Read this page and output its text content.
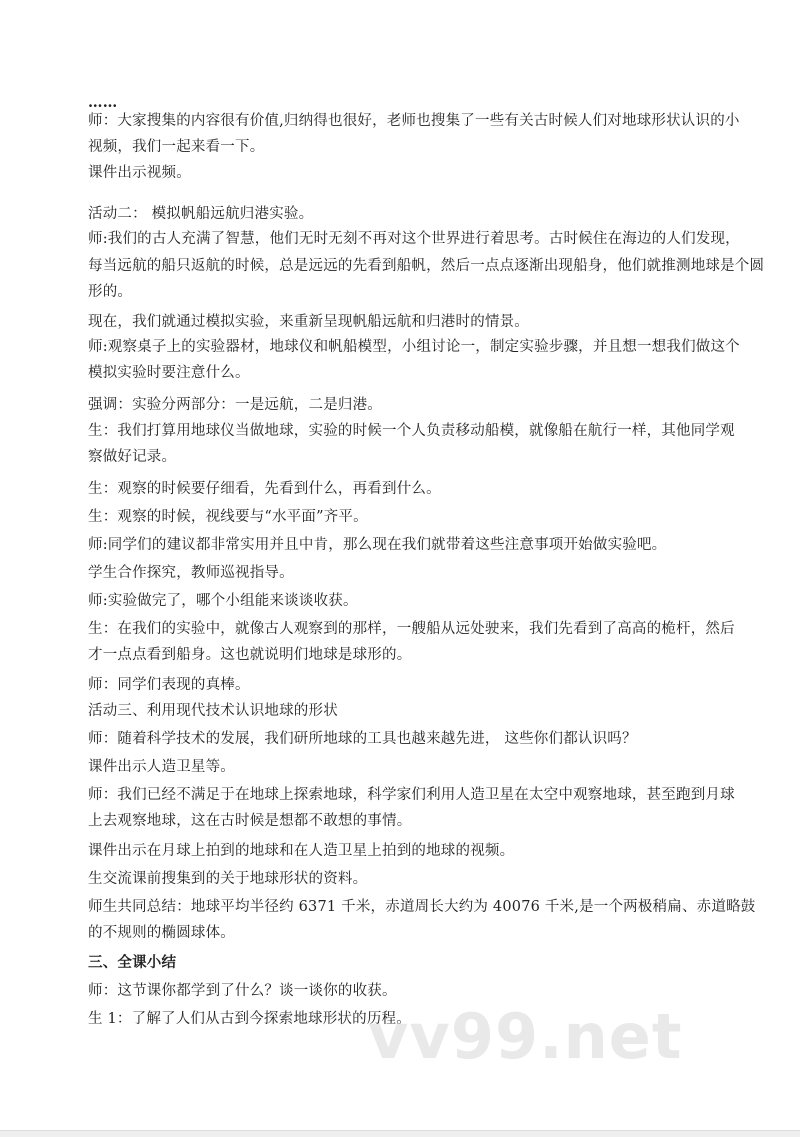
……
师：大家搜集的内容很有价值,归纳得也很好，老师也搜集了一些有关古时候人们对地球形状认识的小
视频，我们一起来看一下。
课件出示视频。
活动二： 模拟帆船远航归港实验。
师:我们的古人充满了智慧，他们无时无刻不再对这个世界进行着思考。古时候住在海边的人们发现，
每当远航的船只返航的时候，总是远远的先看到船帆，然后一点点逐渐出现船身，他们就推测地球是个圆
形的。
现在，我们就通过模拟实验，来重新呈现帆船远航和归港时的情景。
师:观察桌子上的实验器材，地球仪和帆船模型，小组讨论一，制定实验步骤，并且想一想我们做这个
模拟实验时要注意什么。
强调：实验分两部分：一是远航，二是归港。
生：我们打算用地球仪当做地球，实验的时候一个人负责移动船模，就像船在航行一样，其他同学观
察做好记录。
生：观察的时候要仔细看，先看到什么，再看到什么。
生：观察的时候，视线要与“水平面”齐平。
师:同学们的建议都非常实用并且中肯，那么现在我们就带着这些注意事项开始做实验吧。
学生合作探究，教师巡视指导。
师:实验做完了，哪个小组能来谈谈收获。
生：在我们的实验中，就像古人观察到的那样，一艘船从远处驶来，我们先看到了高高的桅杆，然后
才一点点看到船身。这也就说明们地球是球形的。
师：同学们表现的真棒。
活动三、利用现代技术认识地球的形状
师：随着科学技术的发展，我们研所地球的工具也越来越先进， 这些你们都认识吗？
课件出示人造卫星等。
师：我们已经不满足于在地球上探索地球，科学家们利用人造卫星在太空中观察地球，甚至跑到月球
上去观察地球，这在古时候是想都不敢想的事情。
课件出示在月球上拍到的地球和在人造卫星上拍到的地球的视频。
生交流课前搜集到的关于地球形状的资料。
师生共同总结：地球平均半径约 6371 千米，赤道周长大约为 40076 千米,是一个两极稍扁、赤道略鼓
的不规则的椭圆球体。
三、全课小结
师：这节课你都学到了什么？谈一谈你的收获。
生 1：了解了人们从古到今探索地球形状的历程。
vv99.net
